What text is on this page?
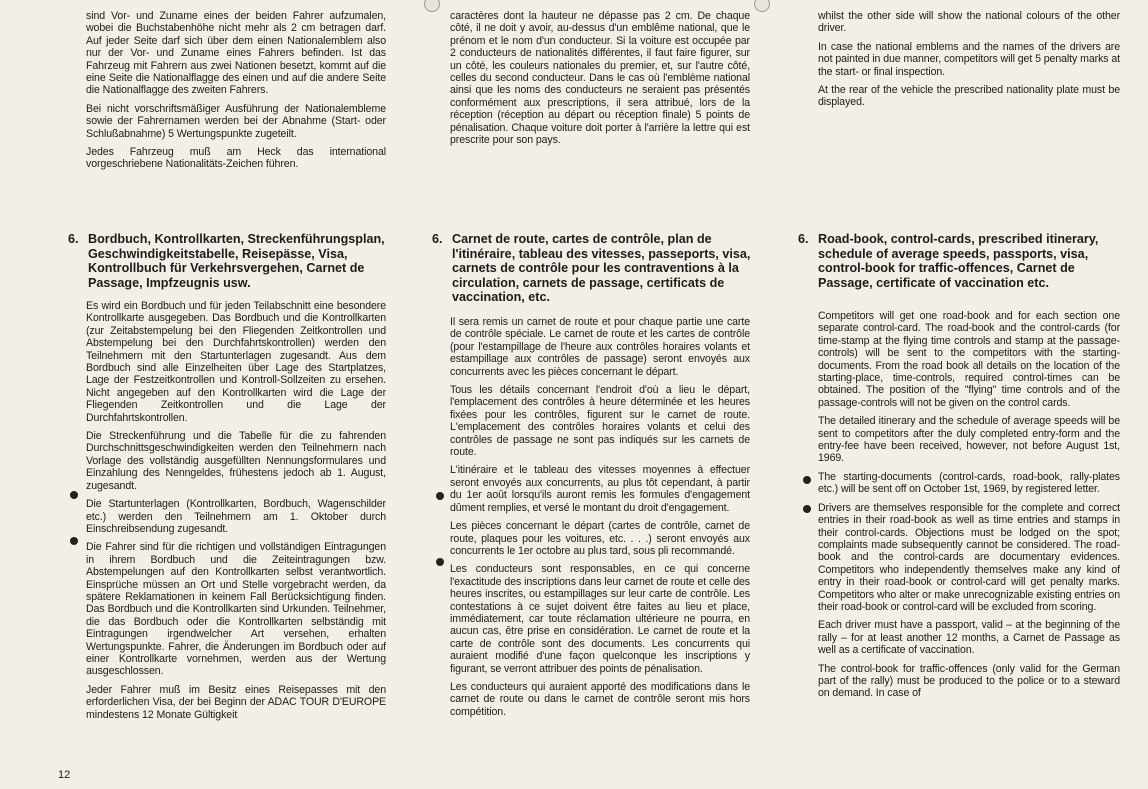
sind Vor- und Zuname eines der beiden Fahrer aufzumalen, wobei die Buchstabenhöhe nicht mehr als 2 cm betragen darf. Auf jeder Seite darf sich über dem einen Nationalemblem also nur der Vor- und Zuname eines Fahrers befinden. Ist das Fahrzeug mit Fahrern aus zwei Nationen besetzt, kommt auf die eine Seite die Nationalflagge des einen und auf die andere Seite die Nationalflagge des zweiten Fahrers.

Bei nicht vorschriftsmäßiger Ausführung der Nationalembleme sowie der Fahrernamen werden bei der Abnahme (Start- oder Schlußabnahme) 5 Wertungspunkte zugeteilt.

Jedes Fahrzeug muß am Heck das international vorgeschriebene Nationalitäts-Zeichen führen.

caractères dont la hauteur ne dépasse pas 2 cm. De chaque côté, il ne doit y avoir, au-dessus d'un emblême national, que le prénom et le nom d'un conducteur. Si la voiture est occupée par 2 conducteurs de nationalités différentes, il faut faire figurer, sur un côté, les couleurs nationales du premier, et, sur l'autre côté, celles du second conducteur. Dans le cas où l'emblème national ainsi que les noms des conducteurs ne seraient pas présentés conformément aux prescriptions, il sera attribué, lors de la réception (réception au départ ou réception finale) 5 points de pénalisation. Chaque voiture doit porter à l'arrière la lettre qui est prescrite pour son pays.

whilst the other side will show the national colours of the other driver.

In case the national emblems and the names of the drivers are not painted in due manner, competitors will get 5 penalty marks at the start- or final inspection.

At the rear of the vehicle the prescribed nationality plate must be displayed.

6. Bordbuch, Kontrollkarten, Streckenführungsplan, Geschwindigkeitstabelle, Reisepässe, Visa, Kontrollbuch für Verkehrsvergehen, Carnet de Passage, Impfzeugnis usw.
6. Carnet de route, cartes de contrôle, plan de l'itinéraire, tableau des vitesses, passeports, visa, carnets de contrôle pour les contraventions à la circulation, carnets de passage, certificats de vaccination, etc.
6. Road-book, control-cards, prescribed itinerary, schedule of average speeds, passports, visa, control-book for traffic-offences, Carnet de Passage, certificate of vaccination etc.

Es wird ein Bordbuch und für jeden Teilabschnitt eine besondere Kontrollkarte ausgegeben. Das Bordbuch und die Kontrollkarten (zur Zeitabstempelung bei den Fliegenden Zeitkontrollen und Abstempelung bei den Durchfahrtskontrollen) werden den Teilnehmern mit den Startunterlagen zugesandt. Aus dem Bordbuch sind alle Einzelheiten über Lage des Startplatzes, Lage der Festzeitkontrollen und Kontroll-Sollzeiten zu ersehen. Nicht angegeben auf den Kontrollkarten wird die Lage der Fliegenden Zeitkontrollen und die Lage der Durchfahrtskontrollen.

Die Streckenführung und die Tabelle für die zu fahrenden Durchschnittsgeschwindigkeiten werden den Teilnehmern nach Vorlage des vollständig ausgefüllten Nennungsformulares und Einzahlung des Nenngeldes, frühestens jedoch ab 1. August, zugesandt.

Die Startunterlagen (Kontrollkarten, Bordbuch, Wagenschilder etc.) werden den Teilnehmern am 1. Oktober durch Einschreibsendung zugesandt.

Die Fahrer sind für die richtigen und vollständigen Eintragungen in ihrem Bordbuch und die Zeiteintragungen bzw. Abstempelungen auf den Kontrollkarten selbst verantwortlich. Einsprüche müssen an Ort und Stelle vorgebracht werden, da spätere Reklamationen in keinem Fall Berücksichtigung finden. Das Bordbuch und die Kontrollkarten sind Urkunden. Teilnehmer, die das Bordbuch oder die Kontrollkarten selbständig mit Eintragungen irgendwelcher Art versehen, erhalten Wertungspunkte. Fahrer, die Änderungen im Bordbuch oder auf einer Kontrollkarte vornehmen, werden aus der Wertung ausgeschlossen.

Jeder Fahrer muß im Besitz eines Reisepasses mit den erforderlichen Visa, der bei Beginn der ADAC TOUR D'EUROPE mindestens 12 Monate Gültigkeit

Il sera remis un carnet de route et pour chaque partie une carte de contrôle spéciale. Le carnet de route et les cartes de contrôle (pour l'estampillage de l'heure aux contrôles horaires volants et estampillage aux contrôles de passage) seront envoyés aux concurrents avec les pièces concernant le départ.

Tous les détails concernant l'endroit d'où a lieu le départ, l'emplacement des contrôles à heure déterminée et les heures fixées pour les contrôles, figurent sur le carnet de route. L'emplacement des contrôles horaires volants et celui des contrôles de passage ne sont pas indiqués sur les carnets de route.

L'itinéraire et le tableau des vitesses moyennes à effectuer seront envoyés aux concurrents, au plus tôt cependant, à partir du 1er août lorsqu'ils auront remis les formules d'engagement dûment remplies, et versé le montant du droit d'engagement.

Les pièces concernant le départ (cartes de contrôle, carnet de route, plaques pour les voitures, etc. . . .) seront envoyés aux concurrents le 1er octobre au plus tard, sous pli recommandé.

Les conducteurs sont responsables, en ce qui concerne l'exactitude des inscriptions dans leur carnet de route et celle des heures inscrites, ou estampillages sur leur carte de contrôle. Les contestations à ce sujet doivent être faites au lieu et place, immédiatement, car toute réclamation ultérieure ne pourra, en aucun cas, être prise en considération. Le carnet de route et la carte de contrôle sont des documents. Les concurrents qui auraient modifié d'une façon quelconque les inscriptions y figurant, se verront attribuer des points de pénalisation.

Les conducteurs qui auraient apporté des modifications dans le carnet de route ou dans le carnet de contrôle seront mis hors compétition.

Competitors will get one road-book and for each section one separate control-card. The road-book and the control-cards (for time-stamp at the flying time controls and stamp at the passage-controls) will be sent to the competitors with the starting-documents. From the road book all details on the location of the starting-place, time-controls, required control-times can be obtained. The position of the "flying" time controls and of the passage-controls will not be given on the control cards.

The detailed itinerary and the schedule of average speeds will be sent to competitors after the duly completed entry-form and the entry-fee have been received, however, not before August 1st, 1969.

The starting-documents (control-cards, road-book, rally-plates etc.) will be sent off on October 1st, 1969, by registered letter.

Drivers are themselves responsible for the complete and correct entries in their road-book as well as time entries and stamps in their control-cards. Objections must be lodged on the spot; complaints made subsequently cannot be considered. The road-book and the control-cards are documentary evidences. Competitors who independently themselves make any kind of entry in their road-book or control-card will get penalty marks. Competitors who alter or make unrecognizable existing entries on their road-book or control-card will be excluded from scoring.

Each driver must have a passport, valid – at the beginning of the rally – for at least another 12 months, a Carnet de Passage as well as a certificate of vaccination.

The control-book for traffic-offences (only valid for the German part of the rally) must be produced to the police or to a steward on demand. In case of

12
